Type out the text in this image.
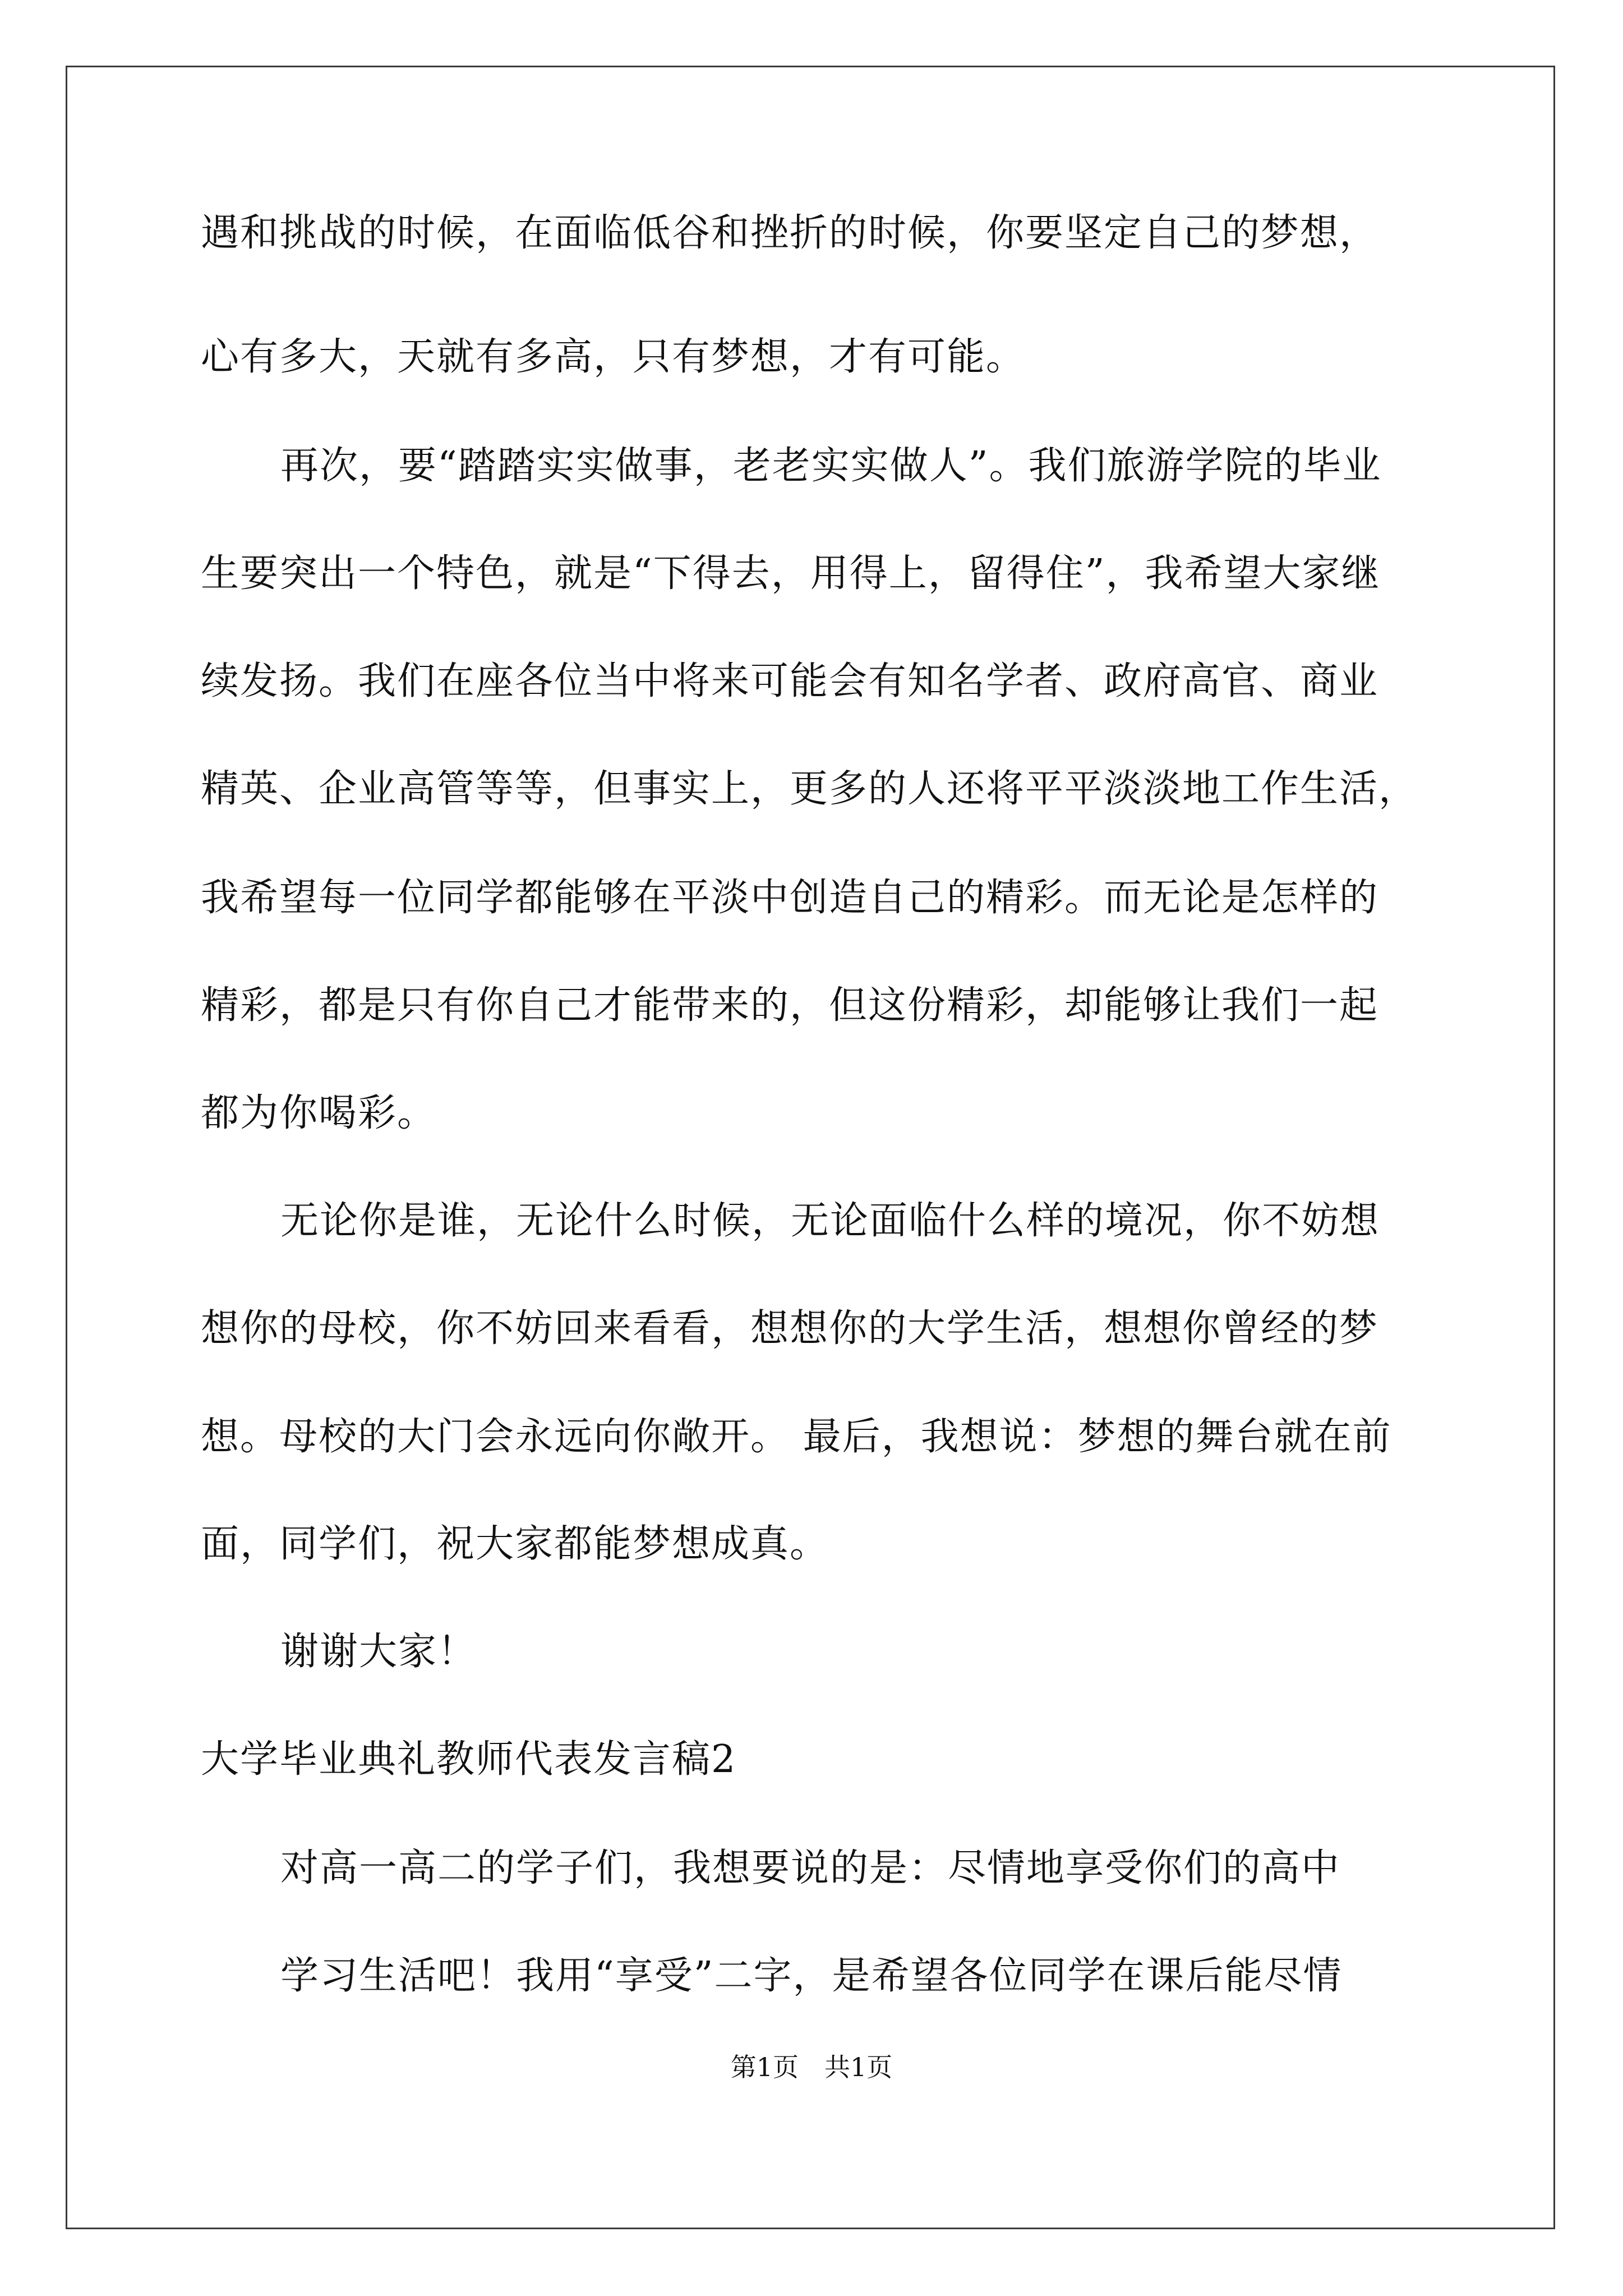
遇和挑战的时候，在面临低谷和挫折的时候，你要坚定自己的梦想，
心有多大，天就有多高，只有梦想，才有可能。
再次，要“踏踏实实做事，老老实实做人”。我们旅游学院的毕业
生要突出一个特色，就是“下得去，用得上，留得住”，我希望大家继
续发扬。我们在座各位当中将来可能会有知名学者、政府高官、商业
精英、企业高管等等，但事实上，更多的人还将平平淡淡地工作生活，
我希望每一位同学都能够在平淡中创造自己的精彩。而无论是怎样的
精彩，都是只有你自己才能带来的，但这份精彩，却能够让我们一起
都为你喝彩。
无论你是谁，无论什么时候，无论面临什么样的境况，你不妨想
想你的母校，你不妨回来看看，想想你的大学生活，想想你曾经的梦
想。母校的大门会永远向你敞开。 最后，我想说：梦想的舞台就在前
面，同学们，祝大家都能梦想成真。
谢谢大家！
大学毕业典礼教师代表发言稿2
对高一高二的学子们，我想要说的是：尽情地享受你们的高中
学习生活吧！我用“享受”二字，是希望各位同学在课后能尽情
第1页　共1页
